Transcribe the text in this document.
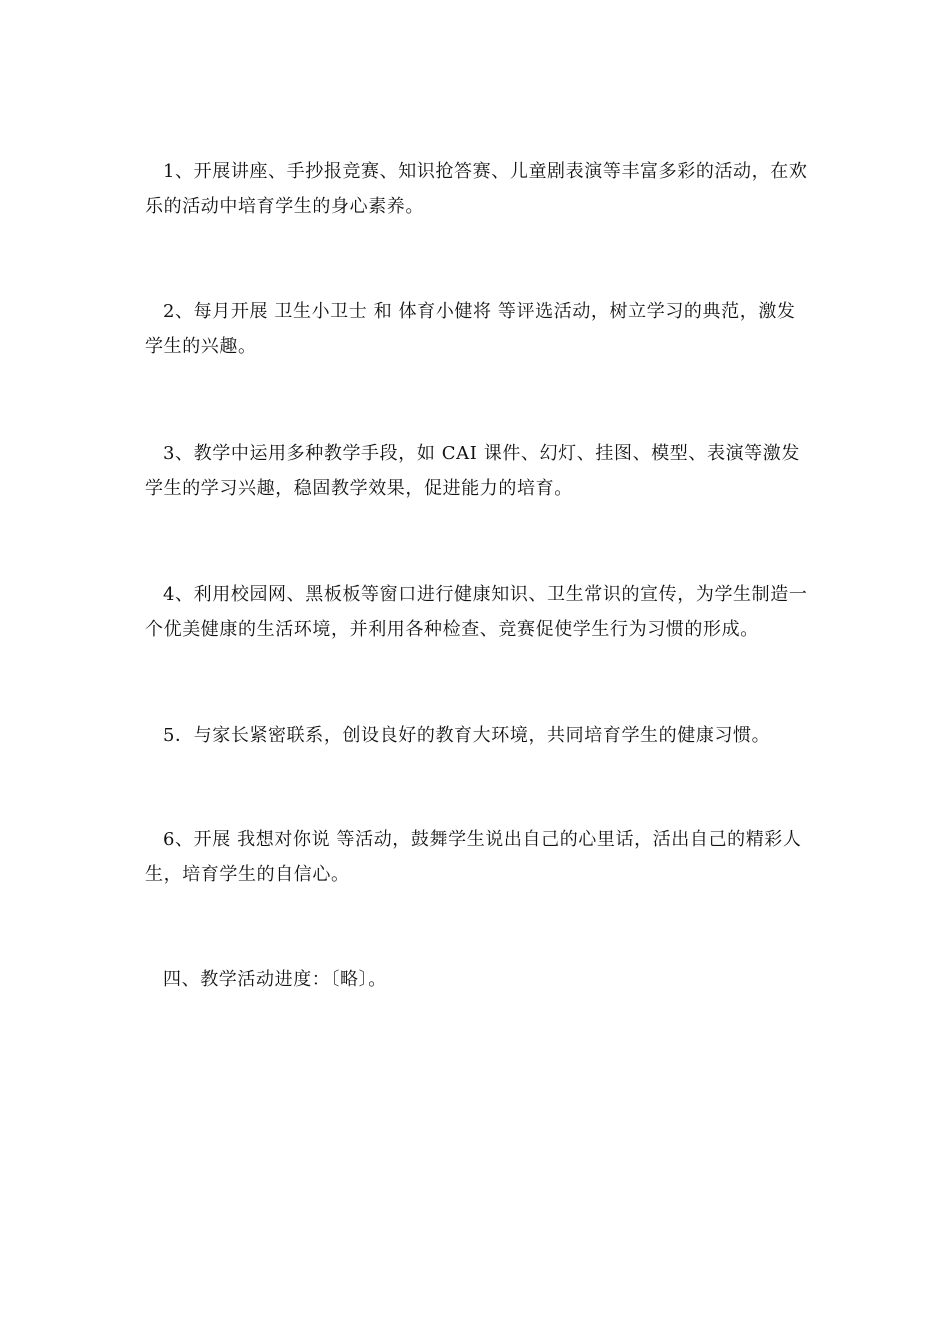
1、开展讲座、手抄报竞赛、知识抢答赛、儿童剧表演等丰富多彩的活动，在欢乐的活动中培育学生的身心素养。

2、每月开展 卫生小卫士 和 体育小健将 等评选活动，树立学习的典范，激发学生的兴趣。

3、教学中运用多种教学手段，如 CAI 课件、幻灯、挂图、模型、表演等激发学生的学习兴趣，稳固教学效果，促进能力的培育。

4、利用校园网、黑板板等窗口进行健康知识、卫生常识的宣传，为学生制造一个优美健康的生活环境，并利用各种检查、竞赛促使学生行为习惯的形成。

5．与家长紧密联系，创设良好的教育大环境，共同培育学生的健康习惯。

6、开展 我想对你说 等活动，鼓舞学生说出自己的心里话，活出自己的精彩人生，培育学生的自信心。

四、教学活动进度：〔略〕。
